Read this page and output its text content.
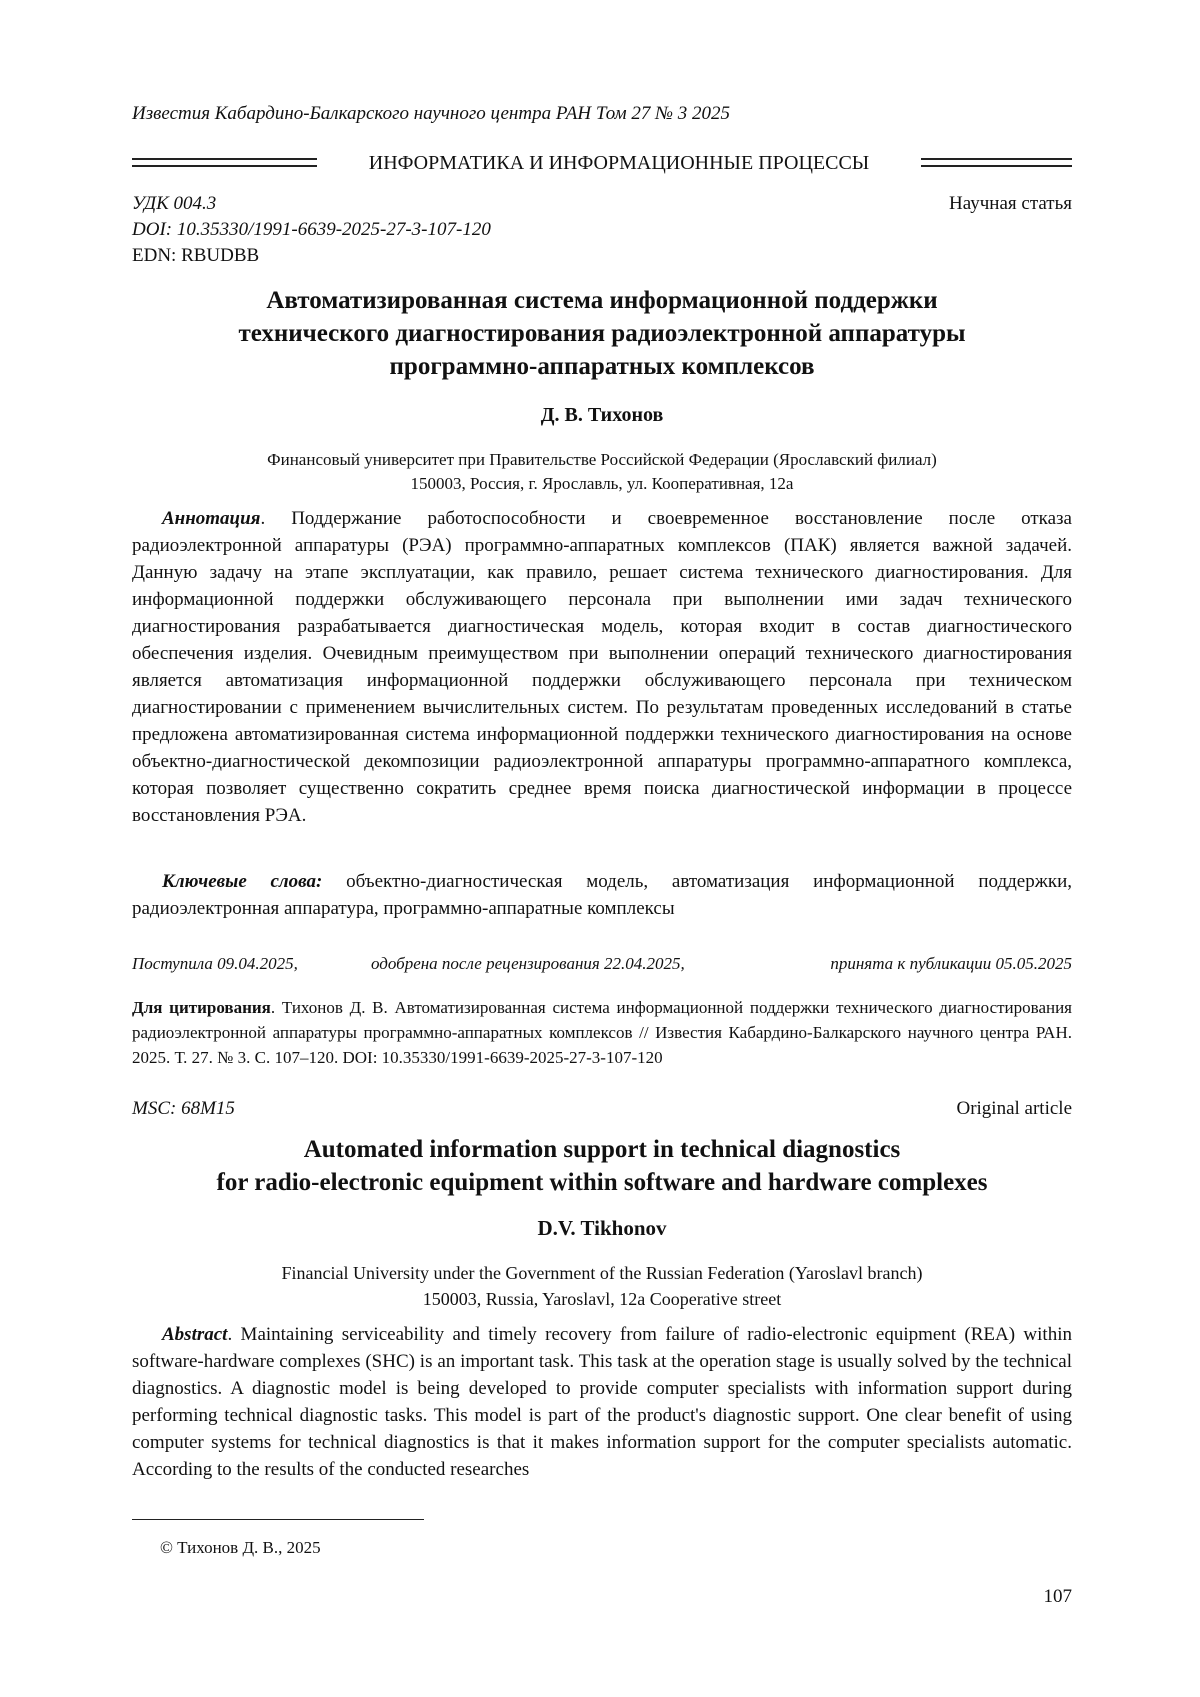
Известия Кабардино-Балкарского научного центра РАН Том 27 № 3 2025
ИНФОРМАТИКА И ИНФОРМАЦИОННЫЕ ПРОЦЕССЫ
УДК 004.3
DOI: 10.35330/1991-6639-2025-27-3-107-120
EDN: RBUDBB
Научная статья
Автоматизированная система информационной поддержки
технического диагностирования радиоэлектронной аппаратуры
программно-аппаратных комплексов
Д. В. Тихонов
Финансовый университет при Правительстве Российской Федерации (Ярославский филиал)
150003, Россия, г. Ярославль, ул. Кооперативная, 12а
Аннотация. Поддержание работоспособности и своевременное восстановление после отказа радиоэлектронной аппаратуры (РЭА) программно-аппаратных комплексов (ПАК) является важной задачей. Данную задачу на этапе эксплуатации, как правило, решает система технического диагностирования. Для информационной поддержки обслуживающего персонала при выполнении ими задач технического диагностирования разрабатывается диагностическая модель, которая входит в состав диагностического обеспечения изделия. Очевидным преимуществом при выполнении операций технического диагностирования является автоматизация информационной поддержки обслуживающего персонала при техническом диагностировании с применением вычислительных систем. По результатам проведенных исследований в статье предложена автоматизированная система информационной поддержки технического диагностирования на основе объектно-диагностической декомпозиции радиоэлектронной аппаратуры программно-аппаратного комплекса, которая позволяет существенно сократить среднее время поиска диагностической информации в процессе восстановления РЭА.
Ключевые слова: объектно-диагностическая модель, автоматизация информационной поддержки, радиоэлектронная аппаратура, программно-аппаратные комплексы
Поступила 09.04.2025,	одобрена после рецензирования 22.04.2025,	принята к публикации 05.05.2025
Для цитирования. Тихонов Д. В. Автоматизированная система информационной поддержки технического диагностирования радиоэлектронной аппаратуры программно-аппаратных комплексов // Известия Кабардино-Балкарского научного центра РАН. 2025. Т. 27. № 3. С. 107–120. DOI: 10.35330/1991-6639-2025-27-3-107-120
MSC: 68M15	Original article
Automated information support in technical diagnostics
for radio-electronic equipment within software and hardware complexes
D.V. Tikhonov
Financial University under the Government of the Russian Federation (Yaroslavl branch)
150003, Russia, Yaroslavl, 12a Cooperative street
Abstract. Maintaining serviceability and timely recovery from failure of radio-electronic equipment (REA) within software-hardware complexes (SHC) is an important task. This task at the operation stage is usually solved by the technical diagnostics. A diagnostic model is being developed to provide computer specialists with information support during performing technical diagnostic tasks. This model is part of the product's diagnostic support. One clear benefit of using computer systems for technical diagnostics is that it makes information support for the computer specialists automatic. According to the results of the conducted researches
© Тихонов Д. В., 2025
107
